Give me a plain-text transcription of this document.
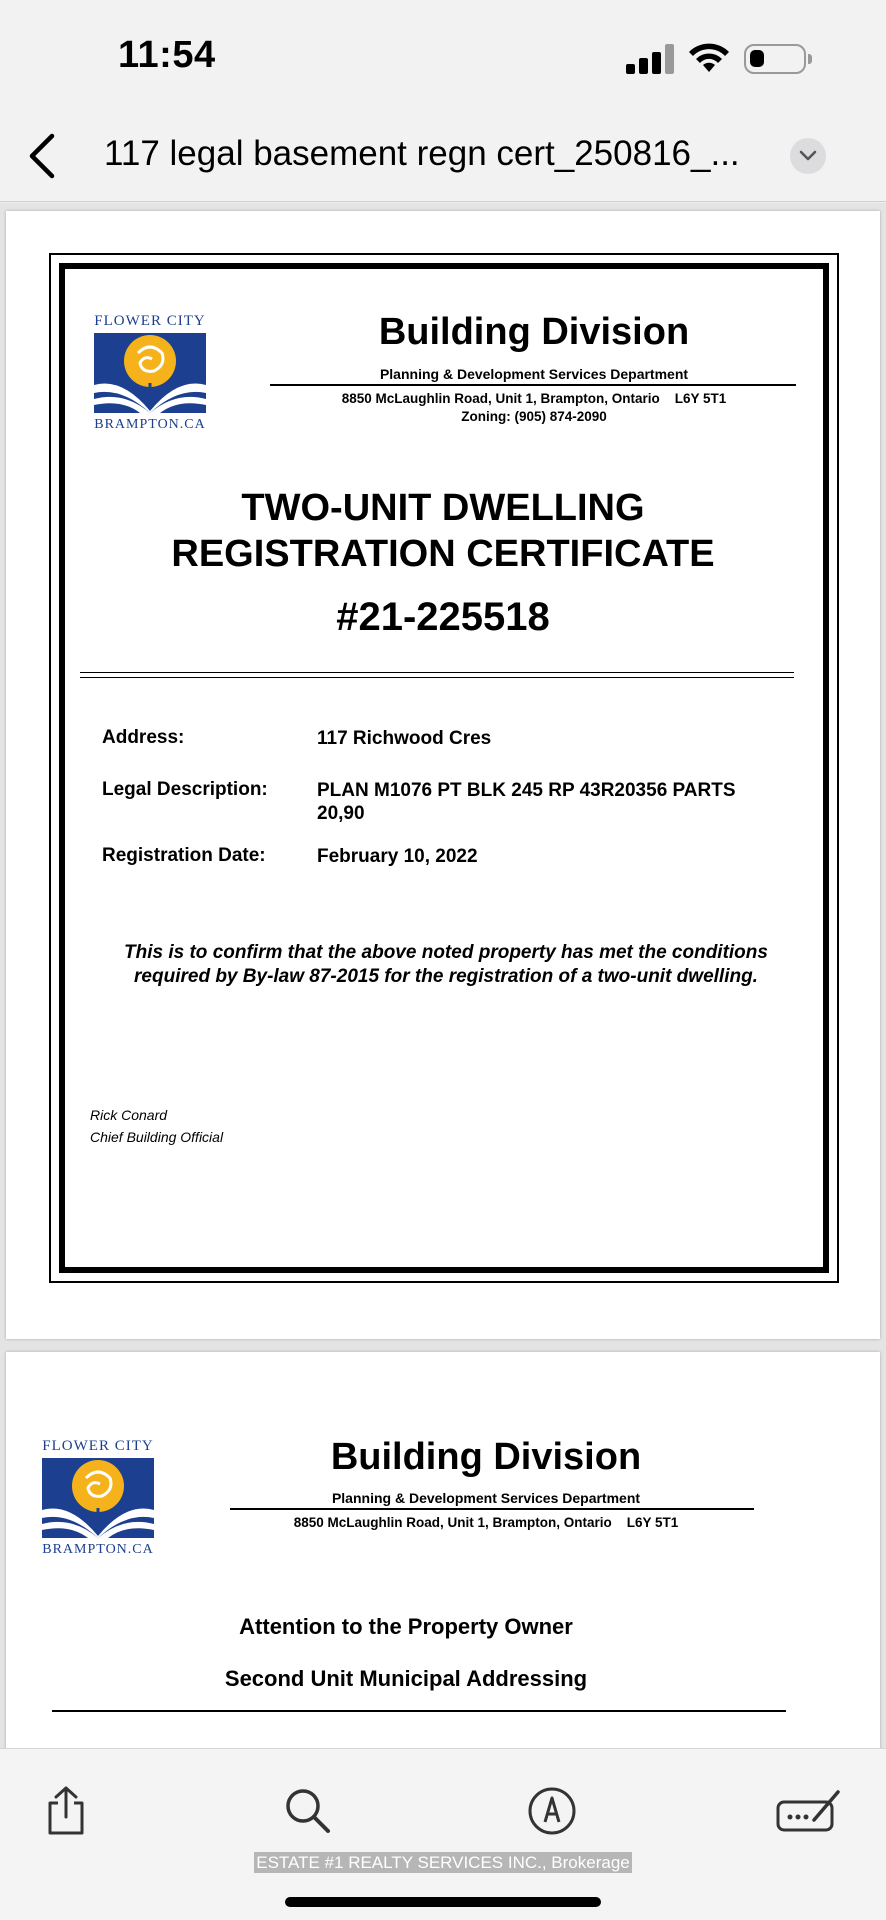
11:54
117 legal basement regn cert_250816_...
FLOWER CITY
BRAMPTON.CA
Building Division
Planning & Development Services Department
8850 McLaughlin Road, Unit 1, Brampton, Ontario    L6Y 5T1
Zoning: (905) 874-2090
TWO-UNIT DWELLING
REGISTRATION CERTIFICATE
#21-225518
Address:	117 Richwood Cres
Legal Description:	PLAN M1076 PT BLK 245 RP 43R20356 PARTS 20,90
Registration Date:	February 10, 2022
This is to confirm that the above noted property has met the conditions required by By-law 87-2015 for the registration of a two-unit dwelling.
Rick Conard
Chief Building Official
FLOWER CITY
BRAMPTON.CA
Building Division
Planning & Development Services Department
8850 McLaughlin Road, Unit 1, Brampton, Ontario    L6Y 5T1
Attention to the Property Owner
Second Unit Municipal Addressing
ESTATE #1 REALTY SERVICES INC., Brokerage
